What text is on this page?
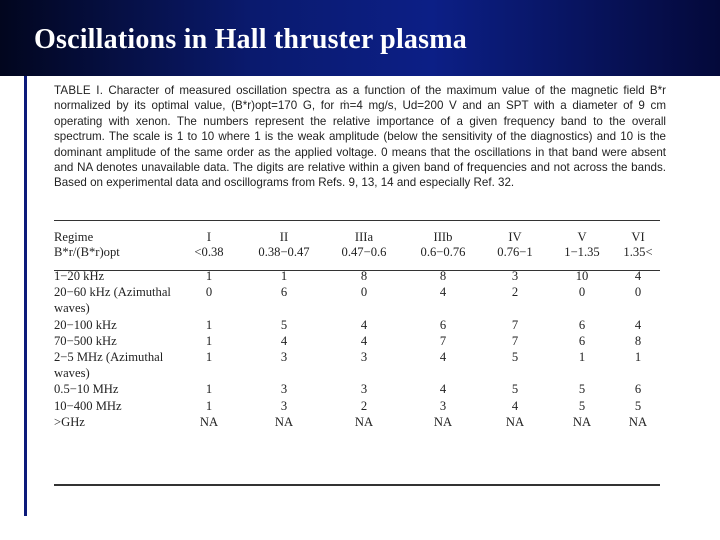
Oscillations in Hall thruster plasma
TABLE I. Character of measured oscillation spectra as a function of the maximum value of the magnetic field B*r normalized by its optimal value, (B*r)opt=170 G, for ṁ=4 mg/s, Ud=200 V and an SPT with a diameter of 9 cm operating with xenon. The numbers represent the relative importance of a given frequency band to the overall spectrum. The scale is 1 to 10 where 1 is the weak amplitude (below the sensitivity of the diagnostics) and 10 is the dominant amplitude of the same order as the applied voltage. 0 means that the oscillations in that band were absent and NA denotes unavailable data. The digits are relative within a given band of frequencies and not across the bands. Based on experimental data and oscillograms from Refs. 9, 13, 14 and especially Ref. 32.
Regime	I	II	IIIa	IIIb	IV	V	VI
B*r/(B*r)opt	<0.38	0.38−0.47	0.47−0.6	0.6−0.76	0.76−1	1−1.35	1.35<
1−20 kHz	1	1	8	8	3	10	4
20−60 kHz (Azimuthal waves)	0	6	0	4	2	0	0
20−100 kHz	1	5	4	6	7	6	4
70−500 kHz	1	4	4	7	7	6	8
2−5 MHz (Azimuthal waves)	1	3	3	4	5	1	1
0.5−10 MHz	1	3	3	4	5	5	6
10−400 MHz	1	3	2	3	4	5	5
>GHz	NA	NA	NA	NA	NA	NA	NA
